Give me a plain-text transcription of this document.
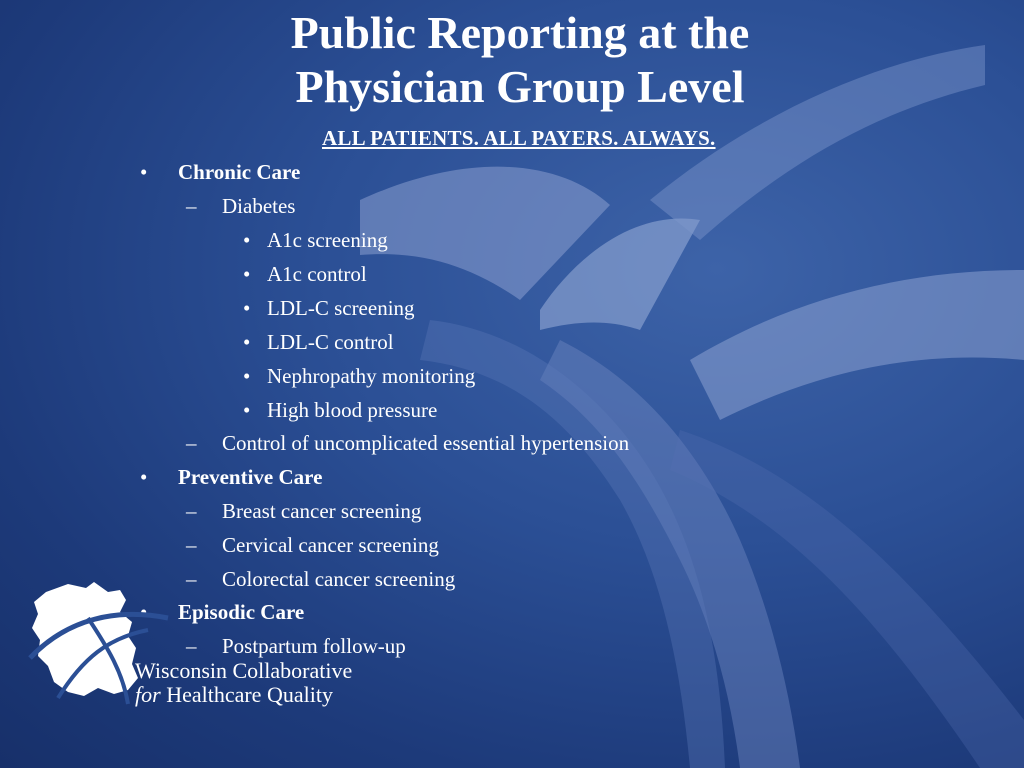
Public Reporting at the
Physician Group Level
ALL PATIENTS. ALL PAYERS. ALWAYS.
• Chronic Care
– Diabetes
• A1c screening
• A1c control
• LDL-C screening
• LDL-C control
• Nephropathy monitoring
• High blood pressure
– Control of uncomplicated essential hypertension
• Preventive Care
– Breast cancer screening
– Cervical cancer screening
– Colorectal cancer screening
• Episodic Care
– Postpartum follow-up
Wisconsin Collaborative
for Healthcare Quality
